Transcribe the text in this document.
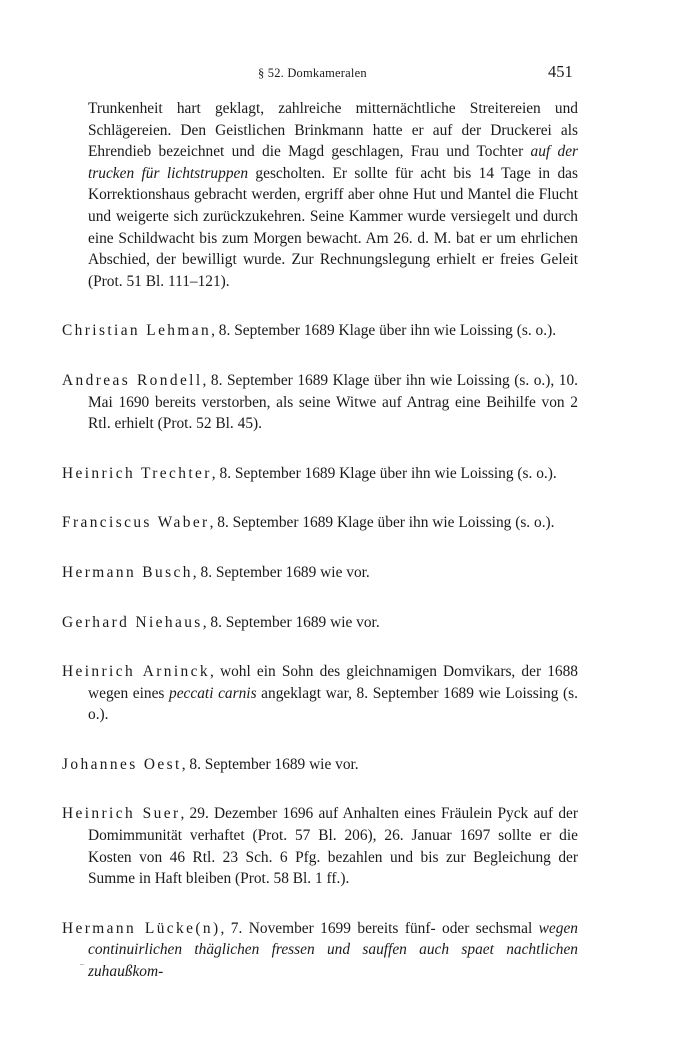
§ 52. Domkameralen	451

Trunkenheit hart geklagt, zahlreiche mitternächtliche Streitereien und Schlägereien. Den Geistlichen Brinkmann hatte er auf der Druckerei als Ehrendieb bezeichnet und die Magd geschlagen, Frau und Tochter auf der trucken für lichtstruppen gescholten. Er sollte für acht bis 14 Tage in das Korrektionshaus gebracht werden, ergriff aber ohne Hut und Mantel die Flucht und weigerte sich zurückzukehren. Seine Kammer wurde versiegelt und durch eine Schildwacht bis zum Morgen bewacht. Am 26. d. M. bat er um ehrlichen Abschied, der bewilligt wurde. Zur Rechnungslegung erhielt er freies Geleit (Prot. 51 Bl. 111–121).

Christian Lehman, 8. September 1689 Klage über ihn wie Loissing (s. o.).

Andreas Rondell, 8. September 1689 Klage über ihn wie Loissing (s. o.), 10. Mai 1690 bereits verstorben, als seine Witwe auf Antrag eine Beihilfe von 2 Rtl. erhielt (Prot. 52 Bl. 45).

Heinrich Trechter, 8. September 1689 Klage über ihn wie Loissing (s. o.).

Franciscus Waber, 8. September 1689 Klage über ihn wie Loissing (s. o.).

Hermann Busch, 8. September 1689 wie vor.

Gerhard Niehaus, 8. September 1689 wie vor.

Heinrich Arninck, wohl ein Sohn des gleichnamigen Domvikars, der 1688 wegen eines peccati carnis angeklagt war, 8. September 1689 wie Loissing (s. o.).

Johannes Oest, 8. September 1689 wie vor.

Heinrich Suer, 29. Dezember 1696 auf Anhalten eines Fräulein Pyck auf der Domimmunität verhaftet (Prot. 57 Bl. 206), 26. Januar 1697 sollte er die Kosten von 46 Rtl. 23 Sch. 6 Pfg. bezahlen und bis zur Begleichung der Summe in Haft bleiben (Prot. 58 Bl. 1 ff.).

Hermann Lücke(n), 7. November 1699 bereits fünf- oder sechsmal wegen continuirlichen thäglichen fressen und sauffen auch spaet nachtlichen zuhaußkom-
